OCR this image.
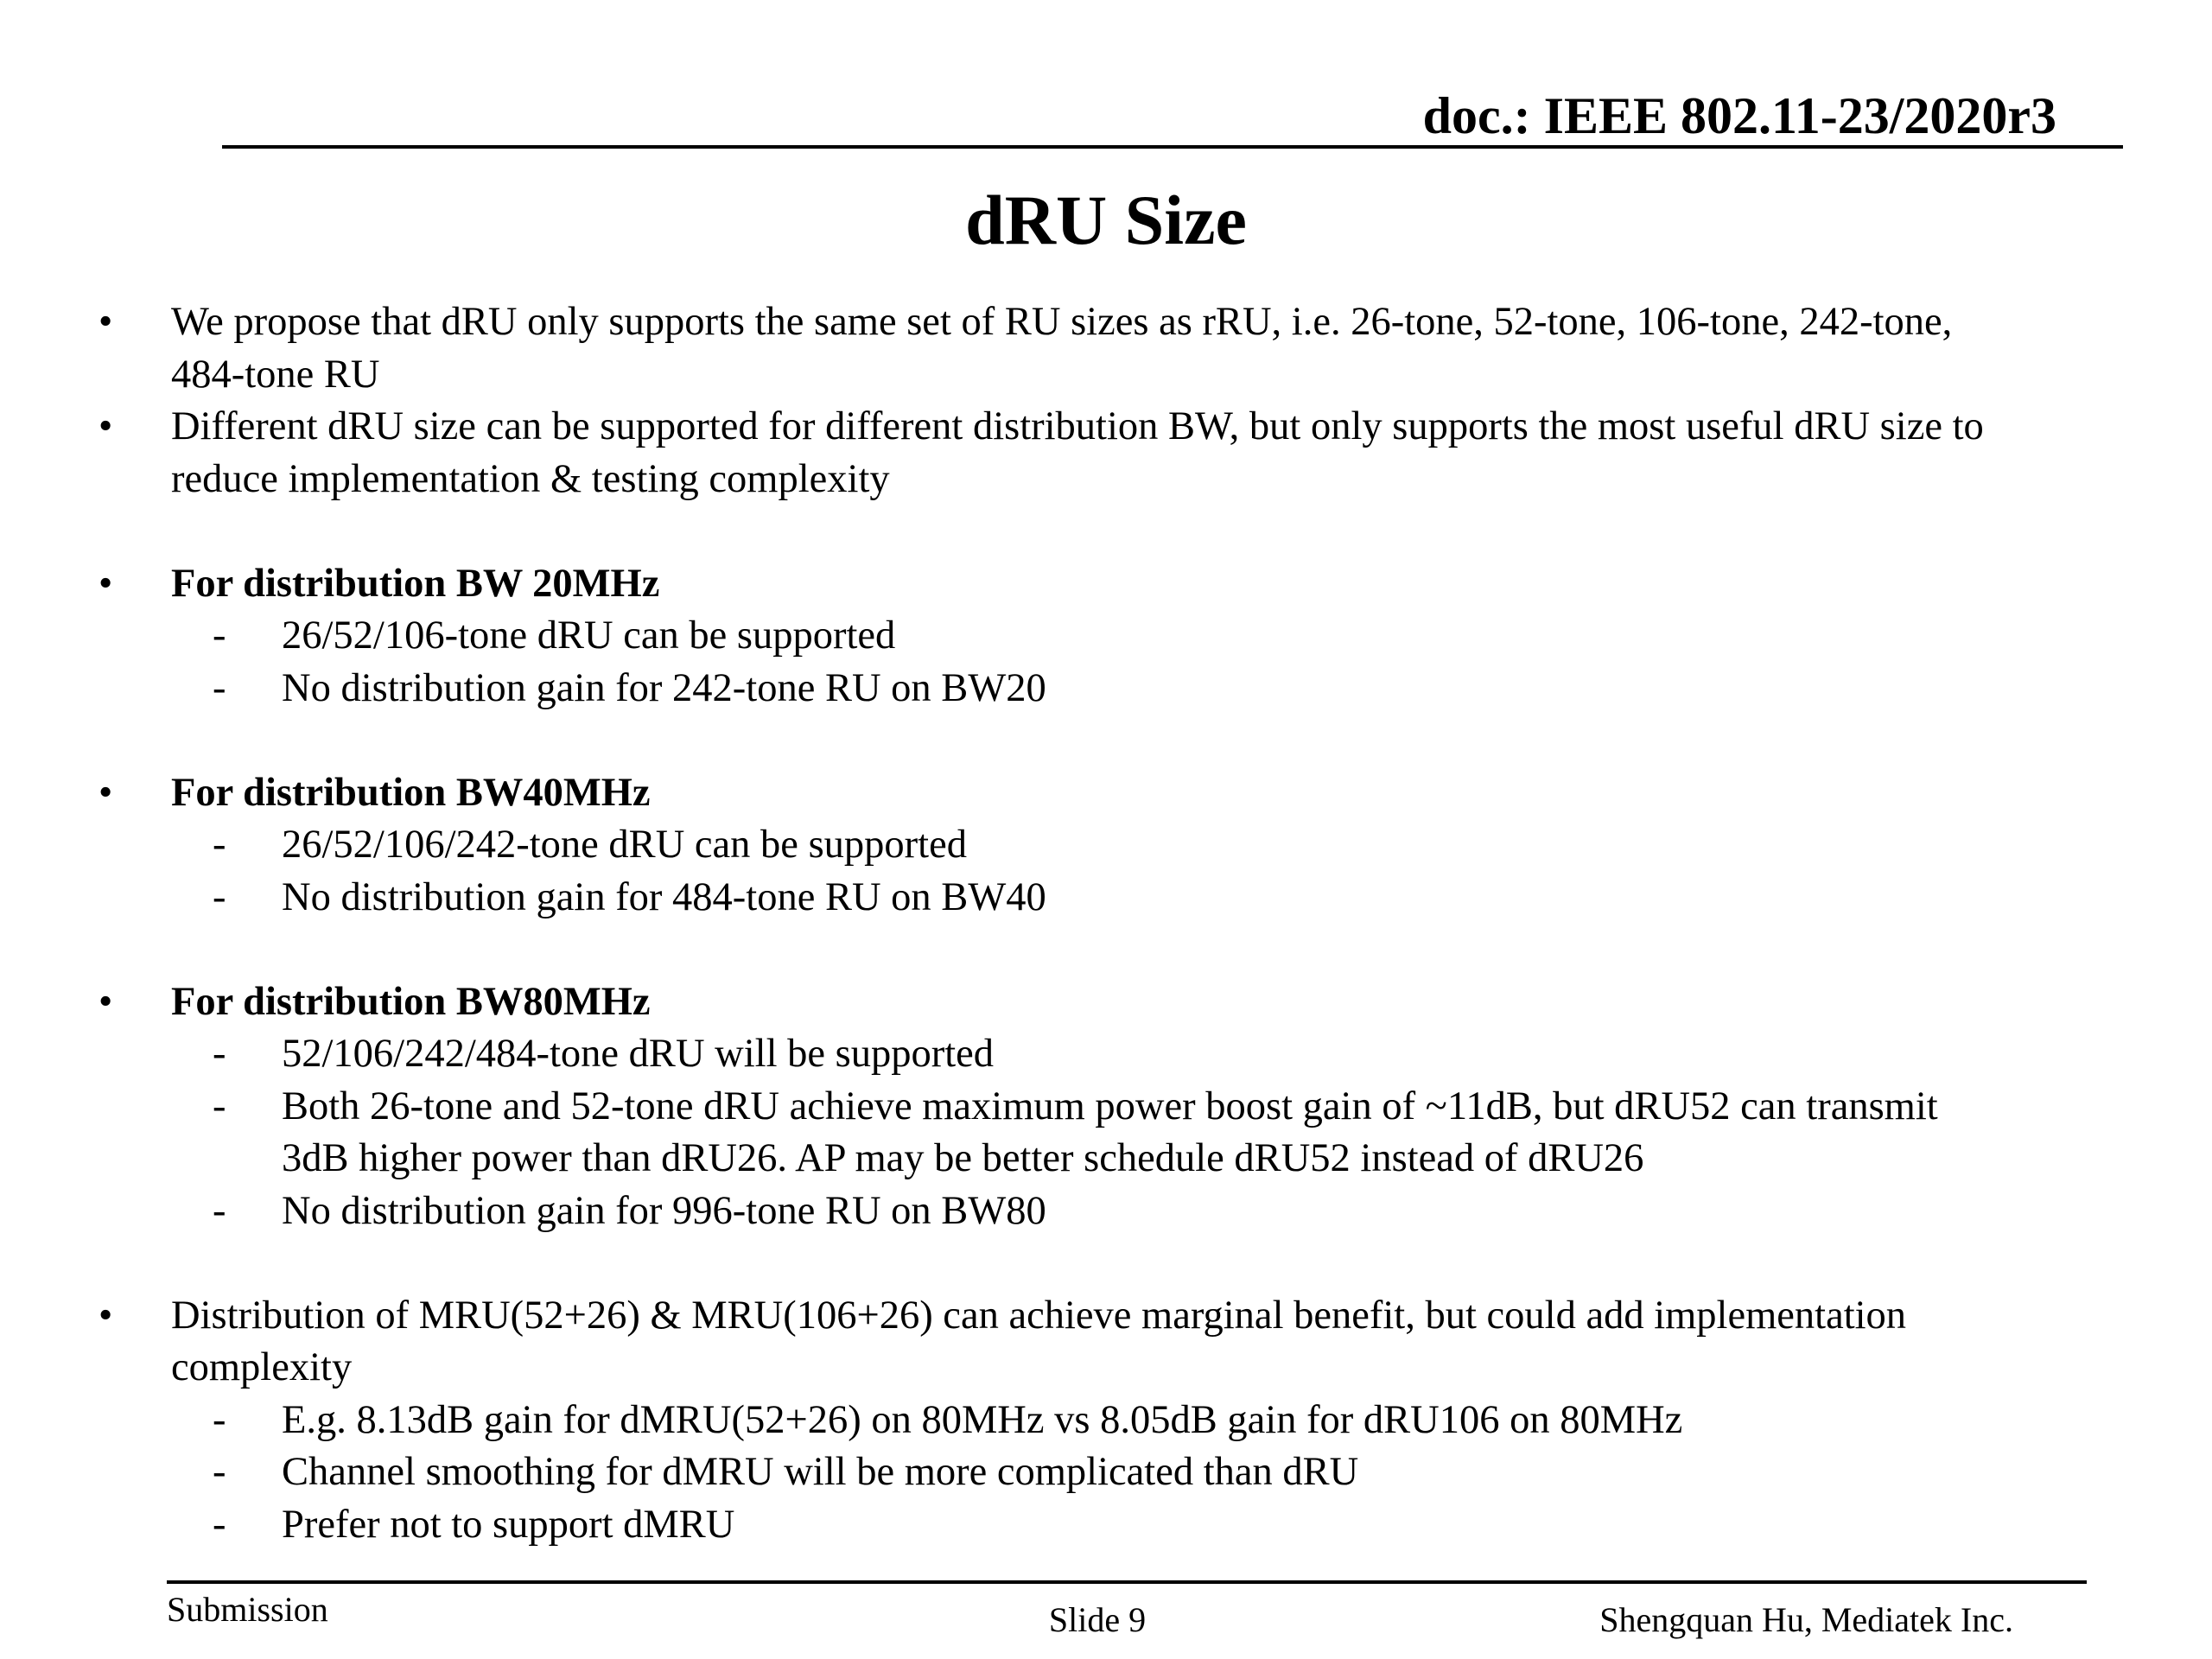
doc.: IEEE 802.11-23/2020r3
dRU Size
• We propose that dRU only supports the same set of RU sizes as rRU, i.e. 26-tone, 52-tone, 106-tone, 242-tone,
484-tone RU
• Different dRU size can be supported for different distribution BW, but only supports the most useful dRU size to
reduce implementation & testing complexity
• For distribution BW 20MHz
- 26/52/106-tone dRU can be supported
- No distribution gain for 242-tone RU on BW20
• For distribution BW40MHz
- 26/52/106/242-tone dRU can be supported
- No distribution gain for 484-tone RU on BW40
• For distribution BW80MHz
- 52/106/242/484-tone dRU will be supported
- Both 26-tone and 52-tone dRU achieve maximum power boost gain of ~11dB, but dRU52 can transmit
3dB higher power than dRU26. AP may be better schedule dRU52 instead of dRU26
- No distribution gain for 996-tone RU on BW80
• Distribution of MRU(52+26) & MRU(106+26) can achieve marginal benefit, but could add implementation
complexity
- E.g. 8.13dB gain for dMRU(52+26) on 80MHz vs 8.05dB gain for dRU106 on 80MHz
- Channel smoothing for dMRU will be more complicated than dRU
- Prefer not to support dMRU
Submission	Slide 9	Shengquan Hu, Mediatek Inc.
